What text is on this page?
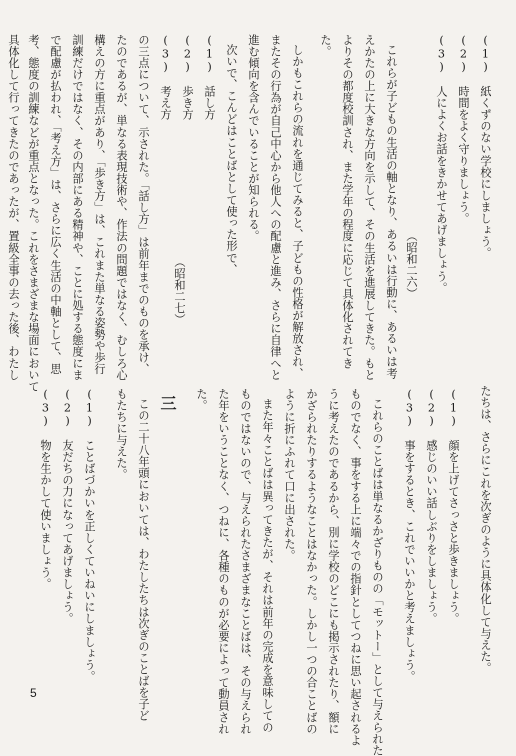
(1)　紙くずのない学校にしましょう。
(2)　時間をよく守りましょう。
(3)　人によくお話をきかせてあげましょう。
（昭和二六）
これらが子どもの生活の軸となり、あるいは行動に、あるいは考
えかたの上に大きな方向を示して、その生活を進展してきた。もと
よりその都度校訓され、また学年の程度に応じて具体化されてき
た。
しかもこれらの流れを通じてみると、子どもの性格が解放され、
またその行為が自己中心から他人への配慮と進み、さらに自律へと
進む傾向を含んでいることが知られる。
次いで、こんどはことばとして使った形で、
(1)　話し方
(2)　歩き方
(3)　考え方
（昭和二七）
の三点について、示された。「話し方」は前年までのものを承け、
たのであるが、単なる表現技術や、作法の問題ではなく、むしろ心
構えの方に重点があり、「歩き方」は、これまた単なる姿勢や歩行
訓練だけではなく、その内部にある精神や、ことに処する態度にま
で配慮が払われ、「考え方」は、さらに広く生活の中軸として、思
考、態度の訓練などが重点となった。これをさまざまな場面において
具体化して行ってきたのであったが、置級全事の去った後、わたし
たちは、さらにこれを次ぎのように具体化して与えた。
(1)　顔を上げてさっさと歩きましょう。
(2)　感じのいい話しぶりをしましょう。
(3)　事をするとき、これでいいかと考えましょう。
これらのことばは単なるかざりものの「モットー」として与えられた
ものでなく、事をする上に端々での指針としてつねに思い起されるよ
うに考えたのであるから、別に学校のどこにも掲示されたり、額に
かざられたりするようなことはなかった。しかし一つの合ことばの
ように折にふれて口に出された。
また年々ことばは異ってきたが、それは前年の完成を意味しての
ものではないので、与えられたさまざまなことばは、その与えられ
た年をいうことなく、つねに、各種のものが必要によって動員され
た。
三
この二十八年頭においては、わたしたちは次ぎのことばを子ど
もたちに与えた。
(1)　ことばづかいを正しくていねいにしましょう。
(2)　友だちの力になってあげましょう。
(3)　物を生かして使いましょう。
5
